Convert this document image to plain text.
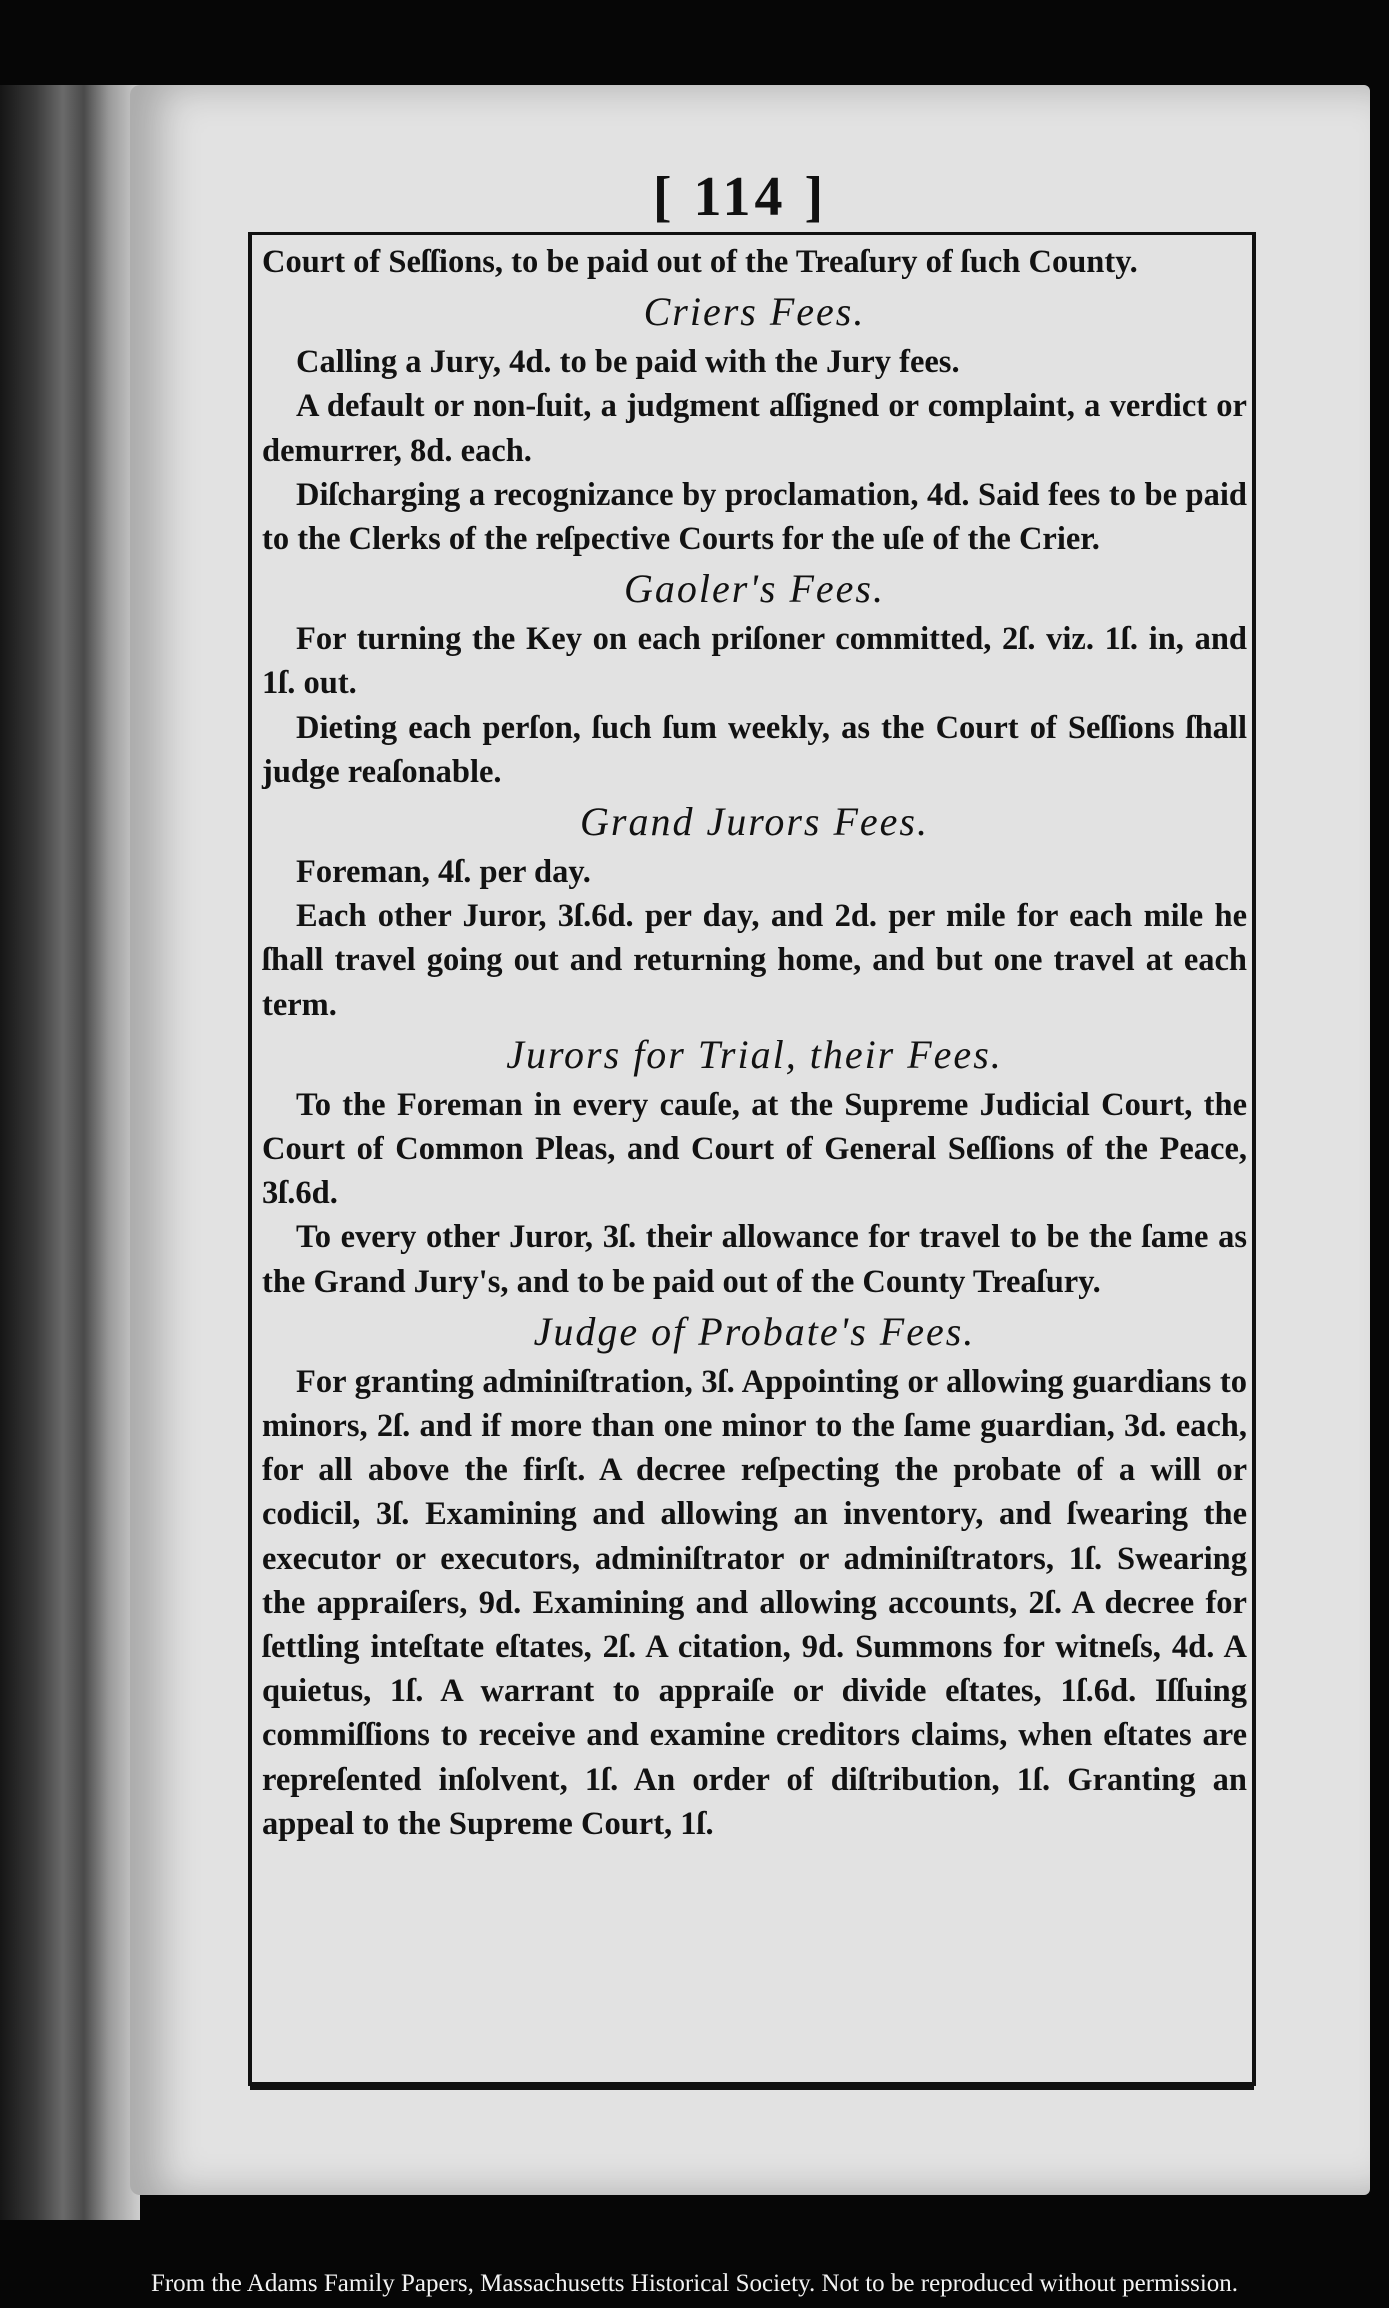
[ 114 ]

Court of Seſſions, to be paid out of the Treaſury of ſuch County.

Criers Fees.

Calling a Jury, 4d. to be paid with the Jury fees.

A default or non-ſuit, a judgment aſſigned or complaint, a verdict or demurrer, 8d. each.

Diſcharging a recognizance by proclamation, 4d. Said fees to be paid to the Clerks of the reſpective Courts for the uſe of the Crier.

Gaoler's Fees.

For turning the Key on each priſoner committed, 2ſ. viz. 1ſ. in, and 1ſ. out.

Dieting each perſon, ſuch ſum weekly, as the Court of Seſſions ſhall judge reaſonable.

Grand Jurors Fees.

Foreman, 4ſ. per day.

Each other Juror, 3ſ.6d. per day, and 2d. per mile for each mile he ſhall travel going out and returning home, and but one travel at each term.

Jurors for Trial, their Fees.

To the Foreman in every cauſe, at the Supreme Judicial Court, the Court of Common Pleas, and Court of General Seſſions of the Peace, 3ſ.6d.

To every other Juror, 3ſ. their allowance for travel to be the ſame as the Grand Jury's, and to be paid out of the County Treaſury.

Judge of Probate's Fees.

For granting adminiſtration, 3ſ. Appointing or allowing guardians to minors, 2ſ. and if more than one minor to the ſame guardian, 3d. each, for all above the firſt. A decree reſpecting the probate of a will or codicil, 3ſ. Examining and allowing an inventory, and ſwearing the executor or executors, adminiſtrator or adminiſtrators, 1ſ. Swearing the appraiſers, 9d. Examining and allowing accounts, 2ſ. A decree for ſettling inteſtate eſtates, 2ſ. A citation, 9d. Summons for witneſs, 4d. A quietus, 1ſ. A warrant to appraiſe or divide eſtates, 1ſ.6d. Iſſuing commiſſions to receive and examine creditors claims, when eſtates are repreſented inſolvent, 1ſ. An order of diſtribution, 1ſ. Granting an appeal to the Supreme Court, 1ſ.

From the Adams Family Papers, Massachusetts Historical Society. Not to be reproduced without permission.
